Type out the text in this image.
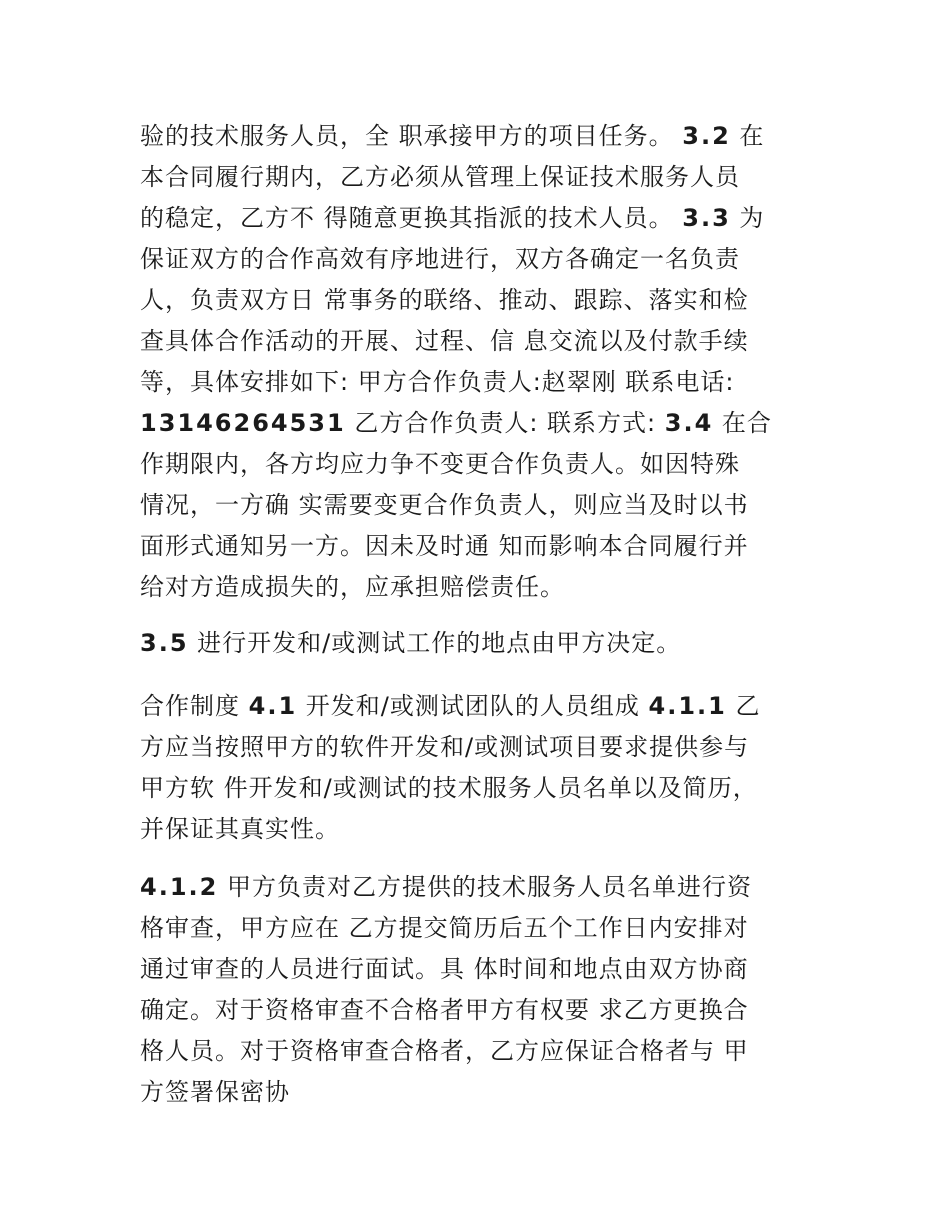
验的技术服务人员，全 职承接甲方的项目任务。 3.2 在
本合同履行期内，乙方必须从管理上保证技术服务人员
的稳定，乙方不 得随意更换其指派的技术人员。 3.3 为
保证双方的合作高效有序地进行，双方各确定一名负责
人，负责双方日 常事务的联络、推动、跟踪、落实和检
查具体合作活动的开展、过程、信 息交流以及付款手续
等，具体安排如下: 甲方合作负责人:赵翠刚 联系电话:
13146264531 乙方合作负责人: 联系方式: 3.4 在合
作期限内，各方均应力争不变更合作负责人。如因特殊
情况，一方确 实需要变更合作负责人，则应当及时以书
面形式通知另一方。因未及时通 知而影响本合同履行并
给对方造成损失的，应承担赔偿责任。
3.5 进行开发和/或测试工作的地点由甲方决定。
合作制度 4.1 开发和/或测试团队的人员组成 4.1.1 乙
方应当按照甲方的软件开发和/或测试项目要求提供参与
甲方软 件开发和/或测试的技术服务人员名单以及简历，
并保证其真实性。
4.1.2 甲方负责对乙方提供的技术服务人员名单进行资
格审查，甲方应在 乙方提交简历后五个工作日内安排对
通过审查的人员进行面试。具 体时间和地点由双方协商
确定。对于资格审查不合格者甲方有权要 求乙方更换合
格人员。对于资格审查合格者，乙方应保证合格者与 甲
方签署保密协
